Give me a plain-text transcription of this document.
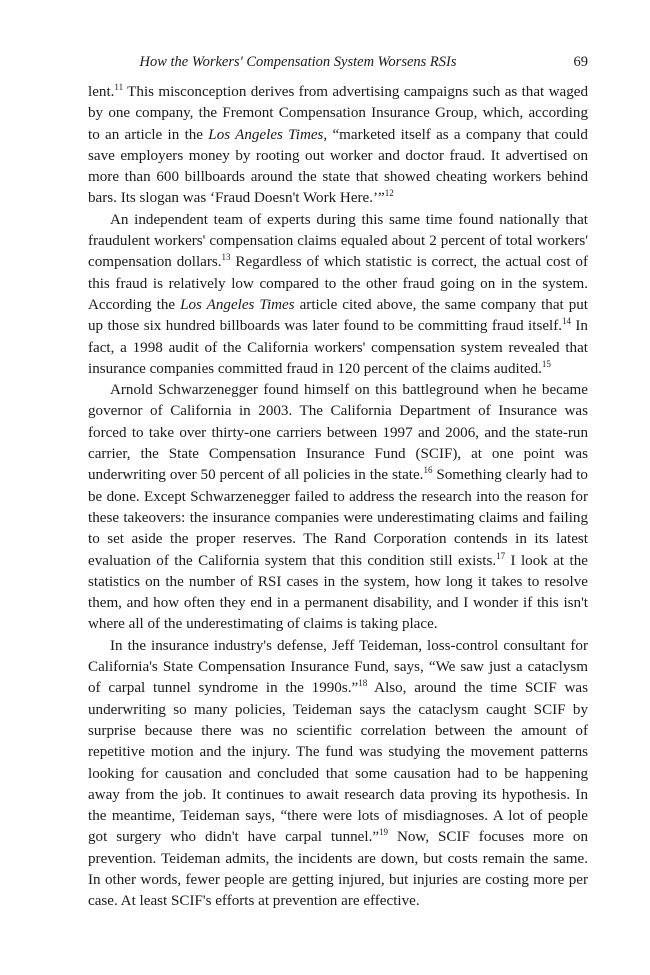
How the Workers' Compensation System Worsens RSIs	69

lent.$^{11}$ This misconception derives from advertising campaigns such as that waged by one company, the Fremont Compensation Insurance Group, which, according to an article in the Los Angeles Times, “marketed itself as a company that could save employers money by rooting out worker and doctor fraud. It advertised on more than 600 billboards around the state that showed cheating workers behind bars. Its slogan was ‘Fraud Doesn't Work Here.’”$^{12}$

An independent team of experts during this same time found nationally that fraudulent workers' compensation claims equaled about 2 percent of total workers' compensation dollars.$^{13}$ Regardless of which statistic is correct, the actual cost of this fraud is relatively low compared to the other fraud going on in the system. According the Los Angeles Times article cited above, the same company that put up those six hundred billboards was later found to be committing fraud itself.$^{14}$ In fact, a 1998 audit of the California workers' compensation system revealed that insurance companies committed fraud in 120 percent of the claims audited.$^{15}$

Arnold Schwarzenegger found himself on this battleground when he became governor of California in 2003. The California Department of Insurance was forced to take over thirty-one carriers between 1997 and 2006, and the state-run carrier, the State Compensation Insurance Fund (SCIF), at one point was underwriting over 50 percent of all policies in the state.$^{16}$ Something clearly had to be done. Except Schwarzenegger failed to address the research into the reason for these takeovers: the insurance companies were underestimating claims and failing to set aside the proper reserves. The Rand Corporation contends in its latest evaluation of the California system that this condition still exists.$^{17}$ I look at the statistics on the number of RSI cases in the system, how long it takes to resolve them, and how often they end in a permanent disability, and I wonder if this isn't where all of the underestimating of claims is taking place.

In the insurance industry's defense, Jeff Teideman, loss-control consultant for California's State Compensation Insurance Fund, says, “We saw just a cataclysm of carpal tunnel syndrome in the 1990s.”$^{18}$ Also, around the time SCIF was underwriting so many policies, Teideman says the cataclysm caught SCIF by surprise because there was no scientific correlation between the amount of repetitive motion and the injury. The fund was studying the movement patterns looking for causation and concluded that some causation had to be happening away from the job. It continues to await research data proving its hypothesis. In the meantime, Teideman says, “there were lots of misdiagnoses. A lot of people got surgery who didn't have carpal tunnel.”$^{19}$ Now, SCIF focuses more on prevention. Teideman admits, the incidents are down, but costs remain the same. In other words, fewer people are getting injured, but injuries are costing more per case. At least SCIF's efforts at prevention are effective.
